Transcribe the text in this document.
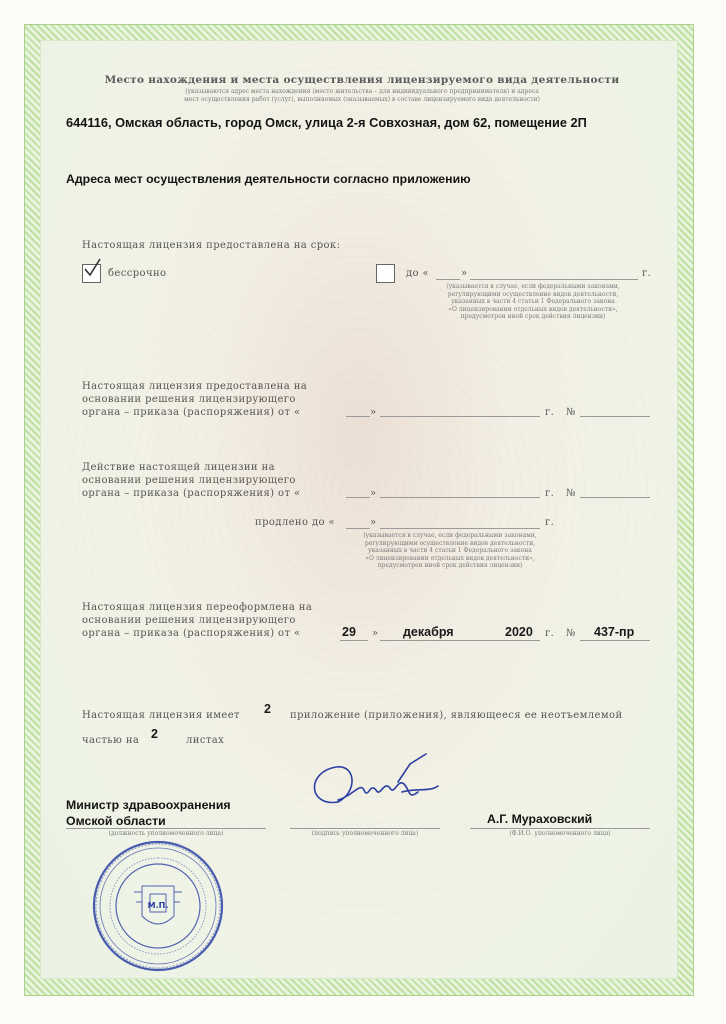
Место нахождения и места осуществления лицензируемого вида деятельности
(указываются адрес места нахождения (место жительства – для индивидуального предпринимателя) и адреса
мест осуществления работ (услуг), выполняемых (оказываемых) в составе лицензируемого вида деятельности)
644116, Омская область, город Омск, улица 2-я Совхозная, дом 62, помещение 2П
Адреса мест осуществления деятельности согласно приложению
Настоящая лицензия предоставлена на срок:
бессрочно	до «	»	г.
(указывается в случае, если федеральными законами,
регулирующими осуществление видов деятельности,
указанных в части 4 статьи 1 Федерального закона
«О лицензировании отдельных видов деятельности»,
предусмотрен иной срок действия лицензии)
Настоящая лицензия предоставлена на
основании решения лицензирующего
органа – приказа (распоряжения) от «	»	г. №
Действие настоящей лицензии на
основании решения лицензирующего
органа – приказа (распоряжения) от «	»	г. №
продлено до «	»	г.
(указывается в случае, если федеральными законами,
регулирующими осуществление видов деятельности,
указанных в части 4 статьи 1 Федерального закона
«О лицензировании отдельных видов деятельности»,
предусмотрен иной срок действия лицензии)
Настоящая лицензия переоформлена на
основании решения лицензирующего
органа – приказа (распоряжения) от «	29 » декабря	2020 г. № 437-пр
Настоящая лицензия имеет 2 приложение (приложения), являющееся ее неотъемлемой
частью на 2	листах
Министр здравоохранения
Омской области
(должность уполномоченного лица)	(подпись уполномоченного лица)
А.Г. Мураховский
(Ф.И.О. уполномоченного лица)
М.П.
